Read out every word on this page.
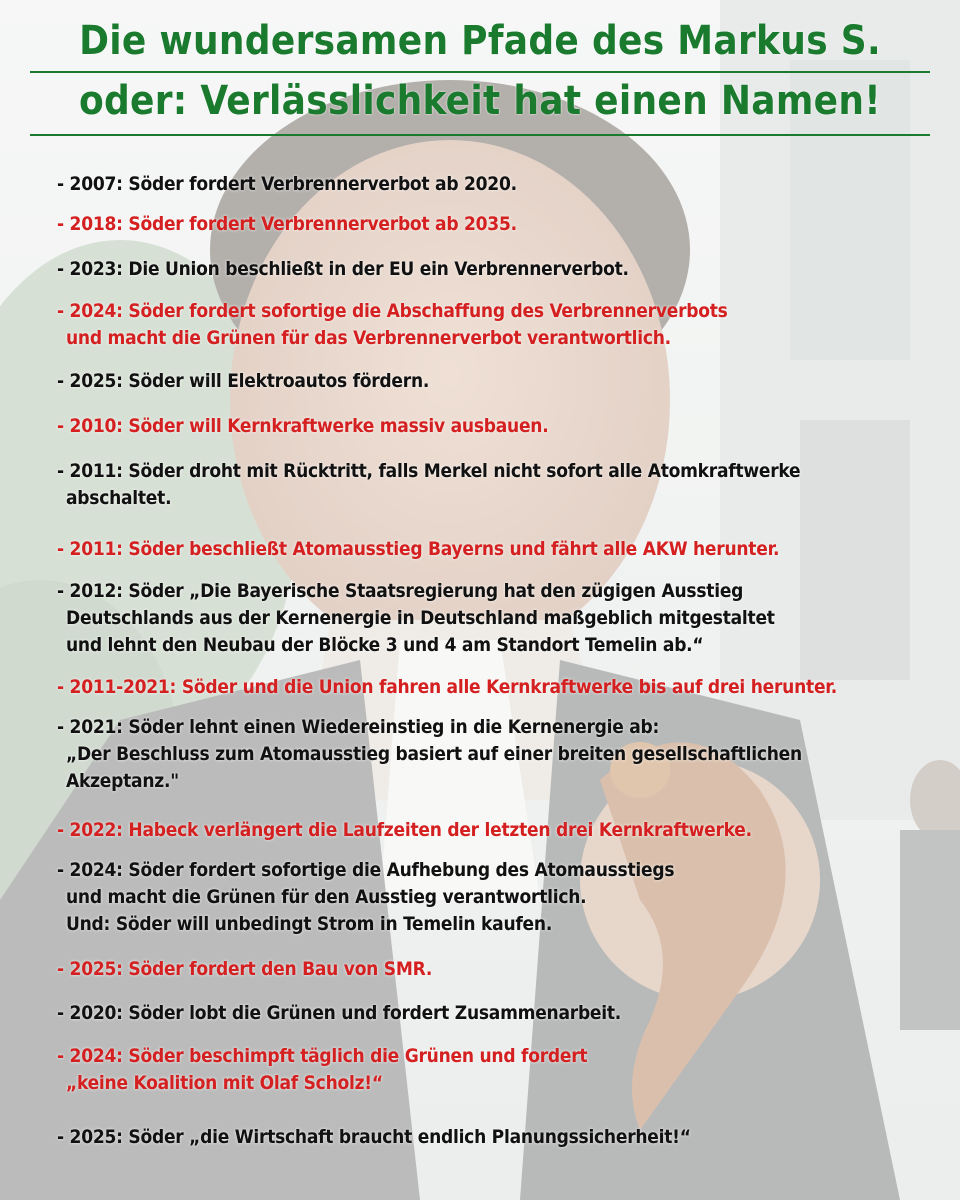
Die wundersamen Pfade des Markus S.
oder: Verlässlichkeit hat einen Namen!
- 2007: Söder fordert Verbrennerverbot ab 2020.
- 2018: Söder fordert Verbrennerverbot ab 2035.
- 2023: Die Union beschließt in der EU ein Verbrennerverbot.
- 2024: Söder fordert sofortige die Abschaffung des Verbrennerverbots
und macht die Grünen für das Verbrennerverbot verantwortlich.
- 2025: Söder will Elektroautos fördern.
- 2010: Söder will Kernkraftwerke massiv ausbauen.
- 2011: Söder droht mit Rücktritt, falls Merkel nicht sofort alle Atomkraftwerke
abschaltet.
- 2011: Söder beschließt Atomausstieg Bayerns und fährt alle AKW herunter.
- 2012: Söder „Die Bayerische Staatsregierung hat den zügigen Ausstieg
Deutschlands aus der Kernenergie in Deutschland maßgeblich mitgestaltet
und lehnt den Neubau der Blöcke 3 und 4 am Standort Temelin ab.“
- 2011-2021: Söder und die Union fahren alle Kernkraftwerke bis auf drei herunter.
- 2021: Söder lehnt einen Wiedereinstieg in die Kernenergie ab:
„Der Beschluss zum Atomausstieg basiert auf einer breiten gesellschaftlichen
Akzeptanz."
- 2022: Habeck verlängert die Laufzeiten der letzten drei Kernkraftwerke.
- 2024: Söder fordert sofortige die Aufhebung des Atomausstiegs
und macht die Grünen für den Ausstieg verantwortlich.
Und: Söder will unbedingt Strom in Temelin kaufen.
- 2025: Söder fordert den Bau von SMR.
- 2020: Söder lobt die Grünen und fordert Zusammenarbeit.
- 2024: Söder beschimpft täglich die Grünen und fordert
„keine Koalition mit Olaf Scholz!“
- 2025: Söder „die Wirtschaft braucht endlich Planungssicherheit!“
